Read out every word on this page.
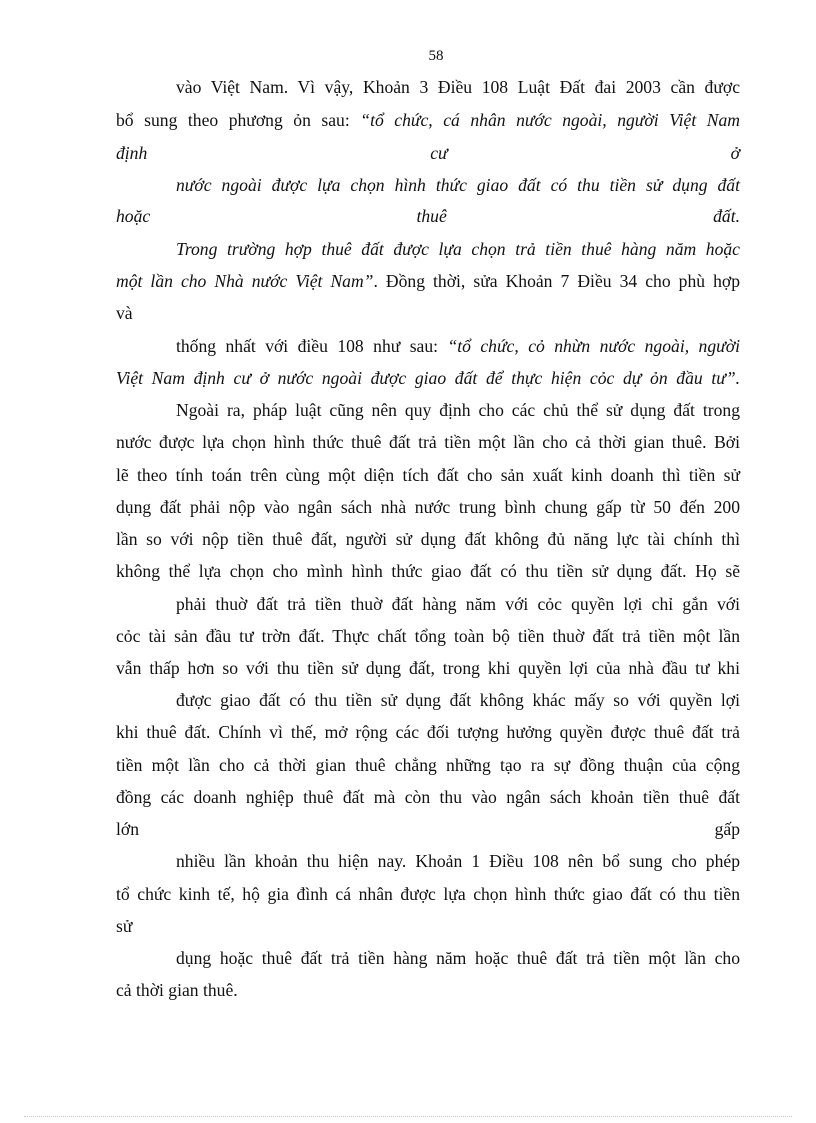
58
vào Việt Nam. Vì vậy, Khoản 3 Điều 108 Luật Đất đai 2003 cần được
bổ sung theo phương ỏn sau: “tổ chức, cá nhân nước ngoài, người Việt Nam
định	cư	ở
nước ngoài được lựa chọn hình thức giao đất có thu tiền sử dụng đất
hoặc	thuê	đất.
Trong trường hợp thuê đất được lựa chọn trả tiền thuê hàng năm hoặc
một lần cho Nhà nước Việt Nam”. Đồng thời, sửa Khoản 7 Điều 34 cho phù hợp
và
thống nhất với điều 108 như sau: “tổ chức, cỏ nhừn nước ngoài, người
Việt Nam định cư ở nước ngoài được giao đất để thực hiện cỏc dự ỏn đầu tư”.
Ngoài ra, pháp luật cũng nên quy định cho các chủ thể sử dụng đất trong
nước được lựa chọn hình thức thuê đất trả tiền một lần cho cả thời gian thuê. Bởi
lẽ theo tính toán trên cùng một diện tích đất cho sản xuất kinh doanh thì tiền sử
dụng đất phải nộp vào ngân sách nhà nước trung bình chung gấp từ 50 đến 200
lần so với nộp tiền thuê đất, người sử dụng đất không đủ năng lực tài chính thì
không thể lựa chọn cho mình hình thức giao đất có thu tiền sử dụng đất. Họ sẽ
phải thuờ đất trả tiền thuờ đất hàng năm với cỏc quyền lợi chỉ gắn với
cỏc tài sản đầu tư trờn đất. Thực chất tổng toàn bộ tiền thuờ đất trả tiền một lần
vẫn thấp hơn so với thu tiền sử dụng đất, trong khi quyền lợi của nhà đầu tư khi
được giao đất có thu tiền sử dụng đất không khác mấy so với quyền lợi
khi thuê đất. Chính vì thế, mở rộng các đối tượng hưởng quyền được thuê đất trả
tiền một lần cho cả thời gian thuê chẳng những tạo ra sự đồng thuận của cộng
đồng các doanh nghiệp thuê đất mà còn thu vào ngân sách khoản tiền thuê đất
lớn	gấp
nhiều lần khoản thu hiện nay. Khoản 1 Điều 108 nên bổ sung cho phép
tổ chức kinh tế, hộ gia đình cá nhân được lựa chọn hình thức giao đất có thu tiền
sử
dụng hoặc thuê đất trả tiền hàng năm hoặc thuê đất trả tiền một lần cho
cả thời gian thuê.
